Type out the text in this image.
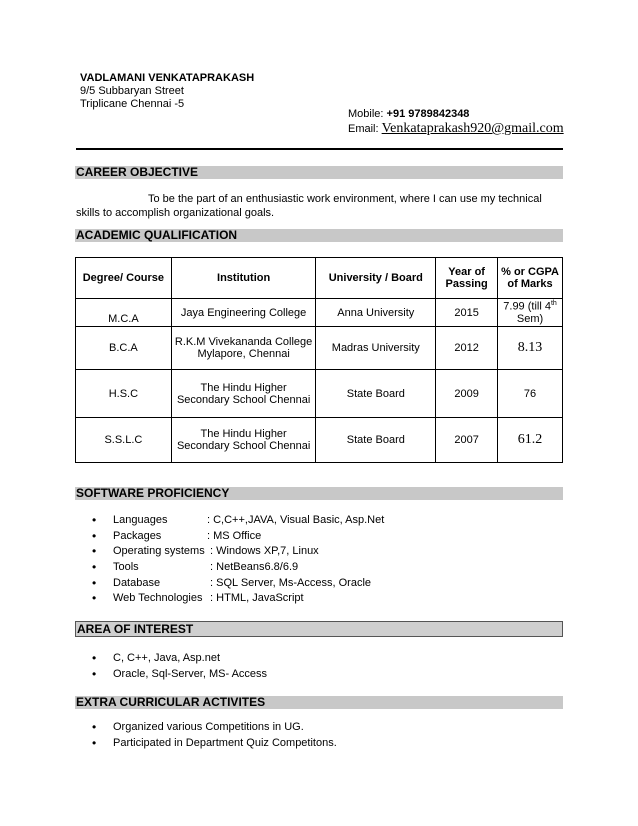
VADLAMANI VENKATAPRAKASH
9/5 Subbaryan Street
Triplicane Chennai -5
Mobile: +91 9789842348
Email: Venkataprakash920@gmail.com
CAREER OBJECTIVE
To be the part of an enthusiastic work environment, where I can use my technical skills to accomplish organizational goals.
ACADEMIC QUALIFICATION
Degree/ Course	Institution	University / Board	Year of Passing	% or CGPA of Marks
M.C.A	Jaya Engineering College	Anna University	2015	7.99 (till 4th Sem)
B.C.A	R.K.M Vivekananda College Mylapore, Chennai	Madras University	2012	8.13
H.S.C	The Hindu Higher Secondary School Chennai	State Board	2009	76
S.S.L.C	The Hindu Higher Secondary School Chennai	State Board	2007	61.2
SOFTWARE PROFICIENCY
• Languages	: C,C++,JAVA, Visual Basic, Asp.Net
• Packages	: MS Office
• Operating systems : Windows XP,7, Linux
• Tools	: NetBeans6.8/6.9
• Database	: SQL Server, Ms-Access, Oracle
• Web Technologies : HTML, JavaScript
AREA OF INTEREST
• C, C++, Java, Asp.net
• Oracle, Sql-Server, MS- Access
EXTRA CURRICULAR ACTIVITES
• Organized various Competitions in UG.
• Participated in Department Quiz Competitons.
